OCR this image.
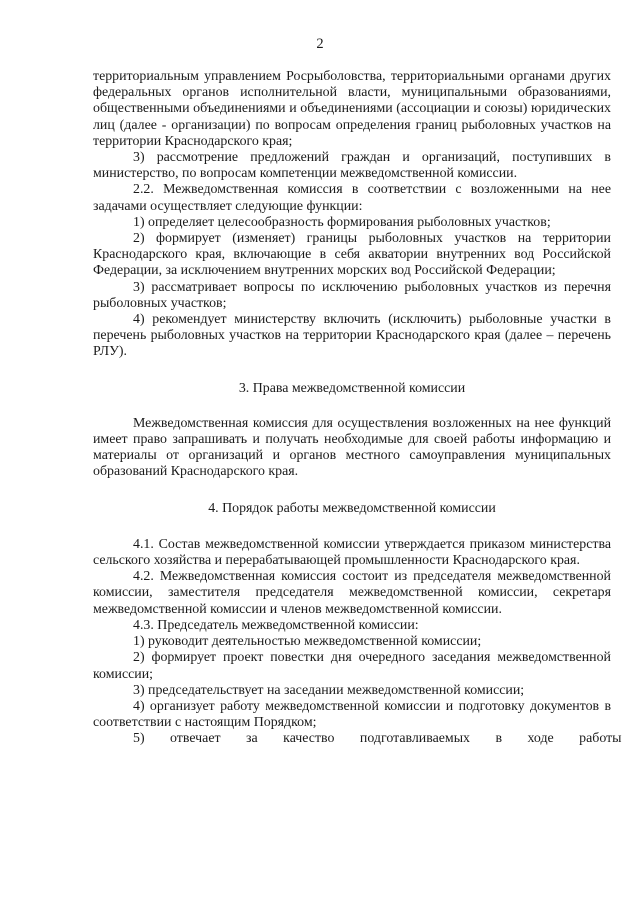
2

территориальным управлением Росрыболовства, территориальными органами других федеральных органов исполнительной власти, муниципальными образованиями, общественными объединениями и объединениями (ассоциации и союзы) юридических лиц (далее - организации) по вопросам определения границ рыболовных участков на территории Краснодарского края;

3) рассмотрение предложений граждан и организаций, поступивших в министерство, по вопросам компетенции межведомственной комиссии.

2.2. Межведомственная комиссия в соответствии с возложенными на нее задачами осуществляет следующие функции:

1) определяет целесообразность формирования рыболовных участков;

2) формирует (изменяет) границы рыболовных участков на территории Краснодарского края, включающие в себя акватории внутренних вод Российской Федерации, за исключением внутренних морских вод Российской Федерации;

3) рассматривает вопросы по исключению рыболовных участков из перечня рыболовных участков;

4) рекомендует министерству включить (исключить) рыболовные участки в перечень рыболовных участков на территории Краснодарского края (далее – перечень РЛУ).

3. Права межведомственной комиссии

Межведомственная комиссия для осуществления возложенных на нее функций имеет право запрашивать и получать необходимые для своей работы информацию и материалы от организаций и органов местного самоуправления муниципальных образований Краснодарского края.

4. Порядок работы межведомственной комиссии

4.1. Состав межведомственной комиссии утверждается приказом министерства сельского хозяйства и перерабатывающей промышленности Краснодарского края.

4.2. Межведомственная комиссия состоит из председателя межведомственной комиссии, заместителя председателя межведомственной комиссии, секретаря межведомственной комиссии и членов межведомственной комиссии.

4.3. Председатель межведомственной комиссии:

1) руководит деятельностью межведомственной комиссии;

2) формирует проект повестки дня очередного заседания межведомственной комиссии;

3) председательствует на заседании межведомственной комиссии;

4) организует работу межведомственной комиссии и подготовку документов в соответствии с настоящим Порядком;

5) отвечает за качество подготавливаемых в ходе работы
